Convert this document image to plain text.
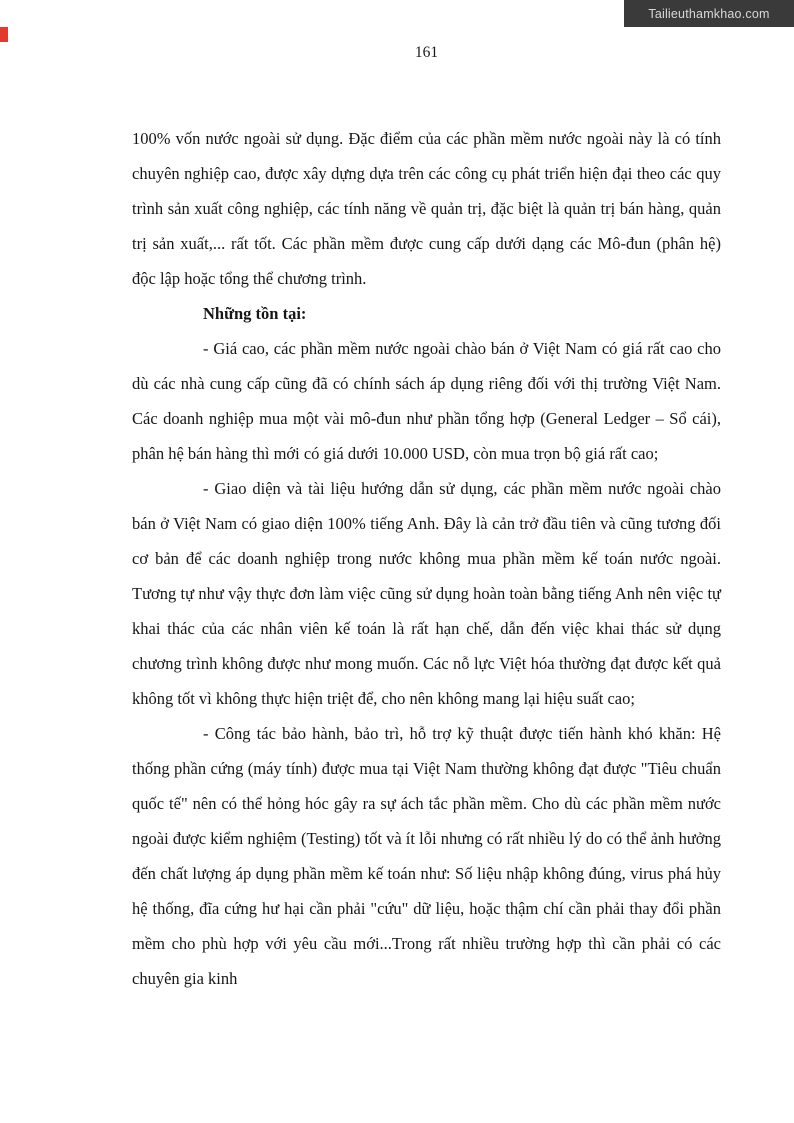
Tailieuthamkhao.com
161

100% vốn nước ngoài sử dụng. Đặc điểm của các phần mềm nước ngoài này là có tính chuyên nghiệp cao, được xây dựng dựa trên các công cụ phát triển hiện đại theo các quy trình sản xuất công nghiệp, các tính năng về quản trị, đặc biệt là quản trị bán hàng, quản trị sản xuất,... rất tốt. Các phần mềm được cung cấp dưới dạng các Mô-đun (phân hệ) độc lập hoặc tổng thể chương trình.

Những tồn tại:

- Giá cao, các phần mềm nước ngoài chào bán ở Việt Nam có giá rất cao cho dù các nhà cung cấp cũng đã có chính sách áp dụng riêng đối với thị trường Việt Nam. Các doanh nghiệp mua một vài mô-đun như phần tổng hợp (General Ledger – Sổ cái), phân hệ bán hàng thì mới có giá dưới 10.000 USD, còn mua trọn bộ giá rất cao;

- Giao diện và tài liệu hướng dẫn sử dụng, các phần mềm nước ngoài chào bán ở Việt Nam có giao diện 100% tiếng Anh. Đây là cản trở đầu tiên và cũng tương đối cơ bản để các doanh nghiệp trong nước không mua phần mềm kế toán nước ngoài. Tương tự như vậy thực đơn làm việc cũng sử dụng hoàn toàn bằng tiếng Anh nên việc tự khai thác của các nhân viên kế toán là rất hạn chế, dẫn đến việc khai thác sử dụng chương trình không được như mong muốn. Các nỗ lực Việt hóa thường đạt được kết quả không tốt vì không thực hiện triệt để, cho nên không mang lại hiệu suất cao;

- Công tác bảo hành, bảo trì, hỗ trợ kỹ thuật được tiến hành khó khăn: Hệ thống phần cứng (máy tính) được mua tại Việt Nam thường không đạt được "Tiêu chuẩn quốc tế" nên có thể hỏng hóc gây ra sự ách tắc phần mềm. Cho dù các phần mềm nước ngoài được kiểm nghiệm (Testing) tốt và ít lỗi nhưng có rất nhiều lý do có thể ảnh hưởng đến chất lượng áp dụng phần mềm kế toán như: Số liệu nhập không đúng, virus phá hủy hệ thống, đĩa cứng hư hại cần phải "cứu" dữ liệu, hoặc thậm chí cần phải thay đổi phần mềm cho phù hợp với yêu cầu mới...Trong rất nhiều trường hợp thì cần phải có các chuyên gia kinh
